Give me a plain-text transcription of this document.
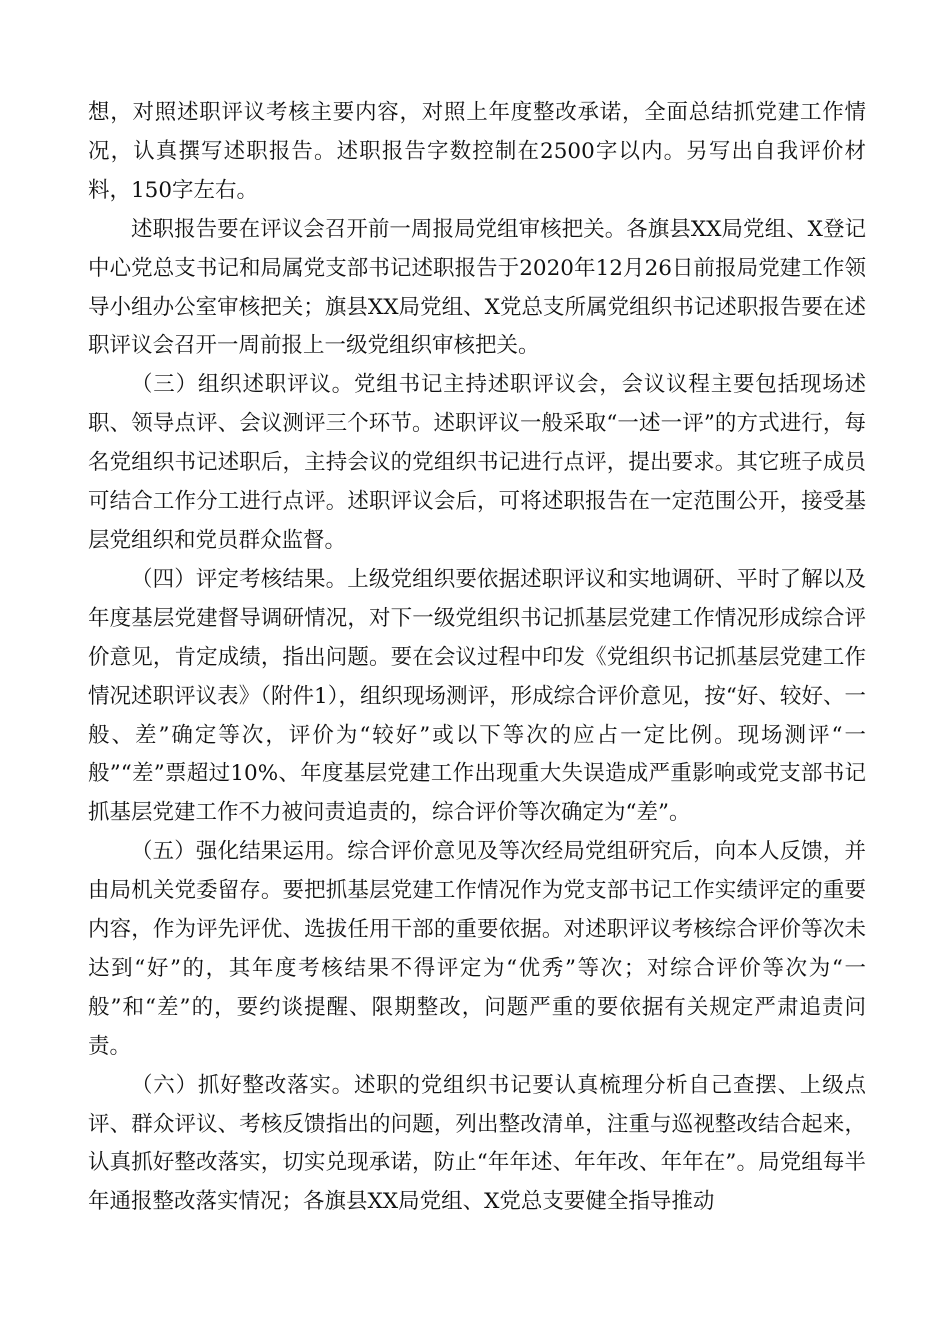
想，对照述职评议考核主要内容，对照上年度整改承诺，全面总结抓党建工作情况，认真撰写述职报告。述职报告字数控制在2500字以内。另写出自我评价材料，150字左右。

述职报告要在评议会召开前一周报局党组审核把关。各旗县XX局党组、X登记中心党总支书记和局属党支部书记述职报告于2020年12月26日前报局党建工作领导小组办公室审核把关；旗县XX局党组、X党总支所属党组织书记述职报告要在述职评议会召开一周前报上一级党组织审核把关。

（三）组织述职评议。党组书记主持述职评议会，会议议程主要包括现场述职、领导点评、会议测评三个环节。述职评议一般采取“一述一评”的方式进行，每名党组织书记述职后，主持会议的党组织书记进行点评，提出要求。其它班子成员可结合工作分工进行点评。述职评议会后，可将述职报告在一定范围公开，接受基层党组织和党员群众监督。

（四）评定考核结果。上级党组织要依据述职评议和实地调研、平时了解以及年度基层党建督导调研情况，对下一级党组织书记抓基层党建工作情况形成综合评价意见，肯定成绩，指出问题。要在会议过程中印发《党组织书记抓基层党建工作情况述职评议表》（附件1），组织现场测评，形成综合评价意见，按“好、较好、一般、差”确定等次，评价为“较好”或以下等次的应占一定比例。现场测评“一般”“差”票超过10%、年度基层党建工作出现重大失误造成严重影响或党支部书记抓基层党建工作不力被问责追责的，综合评价等次确定为“差”。

（五）强化结果运用。综合评价意见及等次经局党组研究后，向本人反馈，并由局机关党委留存。要把抓基层党建工作情况作为党支部书记工作实绩评定的重要内容，作为评先评优、选拔任用干部的重要依据。对述职评议考核综合评价等次未达到“好”的，其年度考核结果不得评定为“优秀”等次；对综合评价等次为“一般”和“差”的，要约谈提醒、限期整改，问题严重的要依据有关规定严肃追责问责。

（六）抓好整改落实。述职的党组织书记要认真梳理分析自己查摆、上级点评、群众评议、考核反馈指出的问题，列出整改清单，注重与巡视整改结合起来，认真抓好整改落实，切实兑现承诺，防止“年年述、年年改、年年在”。局党组每半年通报整改落实情况；各旗县XX局党组、X党总支要健全指导推动
